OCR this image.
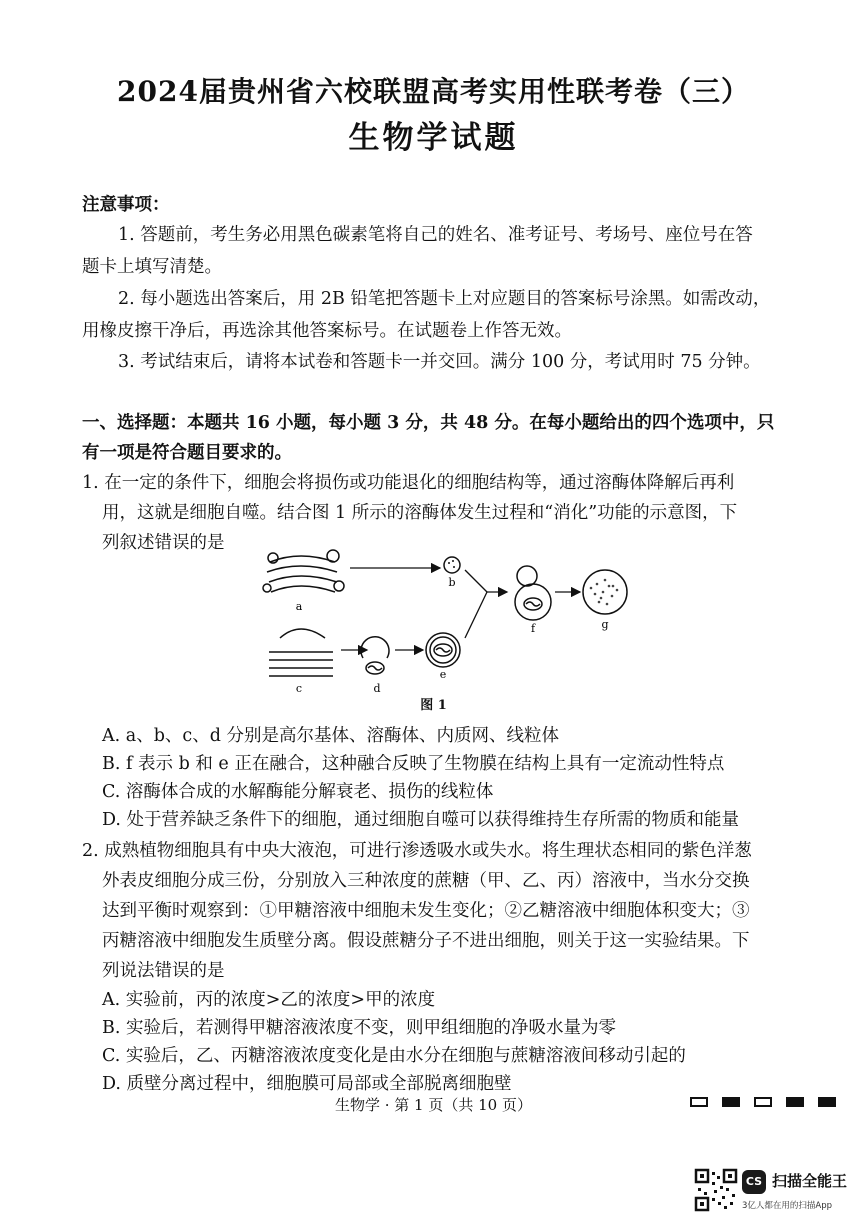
2024届贵州省六校联盟高考实用性联考卷（三）
生物学试题
注意事项：
1. 答题前，考生务必用黑色碳素笔将自己的姓名、准考证号、考场号、座位号在答
题卡上填写清楚。
2. 每小题选出答案后，用 2B 铅笔把答题卡上对应题目的答案标号涂黑。如需改动，
用橡皮擦干净后，再选涂其他答案标号。在试题卷上作答无效。
3. 考试结束后，请将本试卷和答题卡一并交回。满分 100 分，考试用时 75 分钟。
一、选择题：本题共 16 小题，每小题 3 分，共 48 分。在每小题给出的四个选项中，只
有一项是符合题目要求的。
1. 在一定的条件下，细胞会将损伤或功能退化的细胞结构等，通过溶酶体降解后再利
用，这就是细胞自噬。结合图 1 所示的溶酶体发生过程和“消化”功能的示意图，下
列叙述错误的是
a
b
c	d
e
f	g
图 1
A. a、b、c、d 分别是高尔基体、溶酶体、内质网、线粒体
B. f 表示 b 和 e 正在融合，这种融合反映了生物膜在结构上具有一定流动性特点
C. 溶酶体合成的水解酶能分解衰老、损伤的线粒体
D. 处于营养缺乏条件下的细胞，通过细胞自噬可以获得维持生存所需的物质和能量
2. 成熟植物细胞具有中央大液泡，可进行渗透吸水或失水。将生理状态相同的紫色洋葱
外表皮细胞分成三份，分别放入三种浓度的蔗糖（甲、乙、丙）溶液中，当水分交换
达到平衡时观察到：①甲糖溶液中细胞未发生变化；②乙糖溶液中细胞体积变大；③
丙糖溶液中细胞发生质壁分离。假设蔗糖分子不进出细胞，则关于这一实验结果。下
列说法错误的是
A. 实验前，丙的浓度>乙的浓度>甲的浓度
B. 实验后，若测得甲糖溶液浓度不变，则甲组细胞的净吸水量为零
C. 实验后，乙、丙糖溶液浓度变化是由水分在细胞与蔗糖溶液间移动引起的
D. 质壁分离过程中，细胞膜可局部或全部脱离细胞壁
生物学 · 第 1 页（共 10 页）
CS 扫描全能王
3亿人都在用的扫描App
